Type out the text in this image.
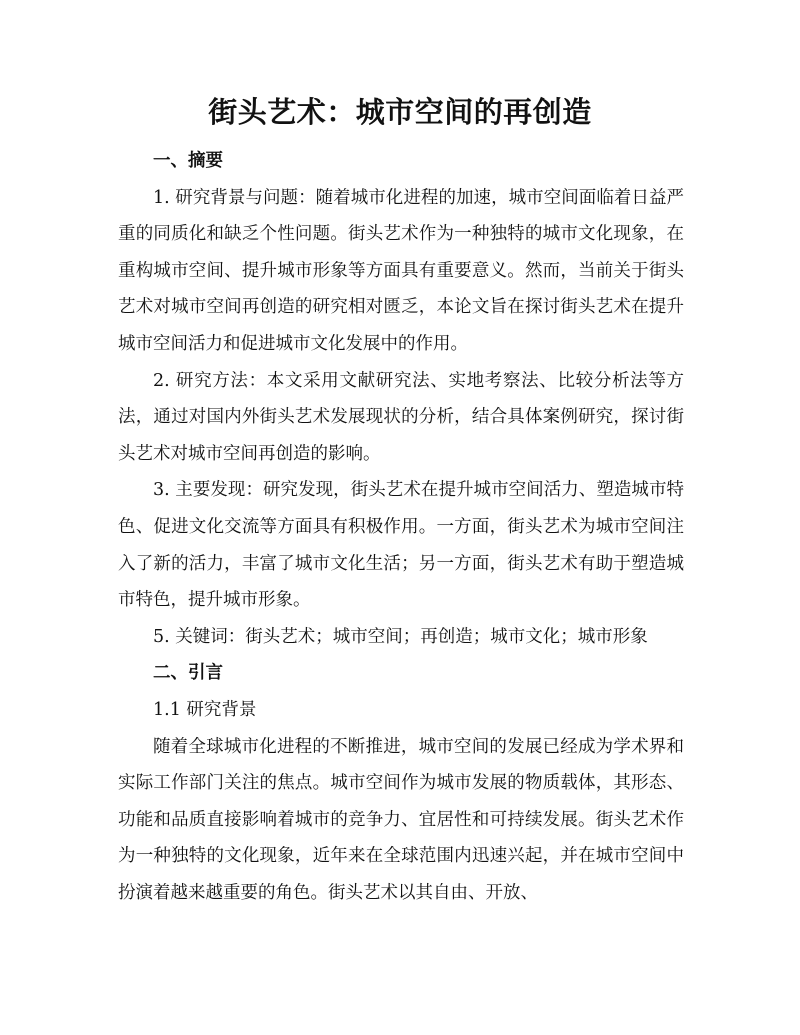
街头艺术：城市空间的再创造

一、摘要

1. 研究背景与问题：随着城市化进程的加速，城市空间面临着日益严重的同质化和缺乏个性问题。街头艺术作为一种独特的城市文化现象，在重构城市空间、提升城市形象等方面具有重要意义。然而，当前关于街头艺术对城市空间再创造的研究相对匮乏，本论文旨在探讨街头艺术在提升城市空间活力和促进城市文化发展中的作用。

2. 研究方法：本文采用文献研究法、实地考察法、比较分析法等方法，通过对国内外街头艺术发展现状的分析，结合具体案例研究，探讨街头艺术对城市空间再创造的影响。

3. 主要发现：研究发现，街头艺术在提升城市空间活力、塑造城市特色、促进文化交流等方面具有积极作用。一方面，街头艺术为城市空间注入了新的活力，丰富了城市文化生活；另一方面，街头艺术有助于塑造城市特色，提升城市形象。

5. 关键词：街头艺术；城市空间；再创造；城市文化；城市形象

二、引言

1.1 研究背景

随着全球城市化进程的不断推进，城市空间的发展已经成为学术界和实际工作部门关注的焦点。城市空间作为城市发展的物质载体，其形态、功能和品质直接影响着城市的竞争力、宜居性和可持续发展。街头艺术作为一种独特的文化现象，近年来在全球范围内迅速兴起，并在城市空间中扮演着越来越重要的角色。街头艺术以其自由、开放、
